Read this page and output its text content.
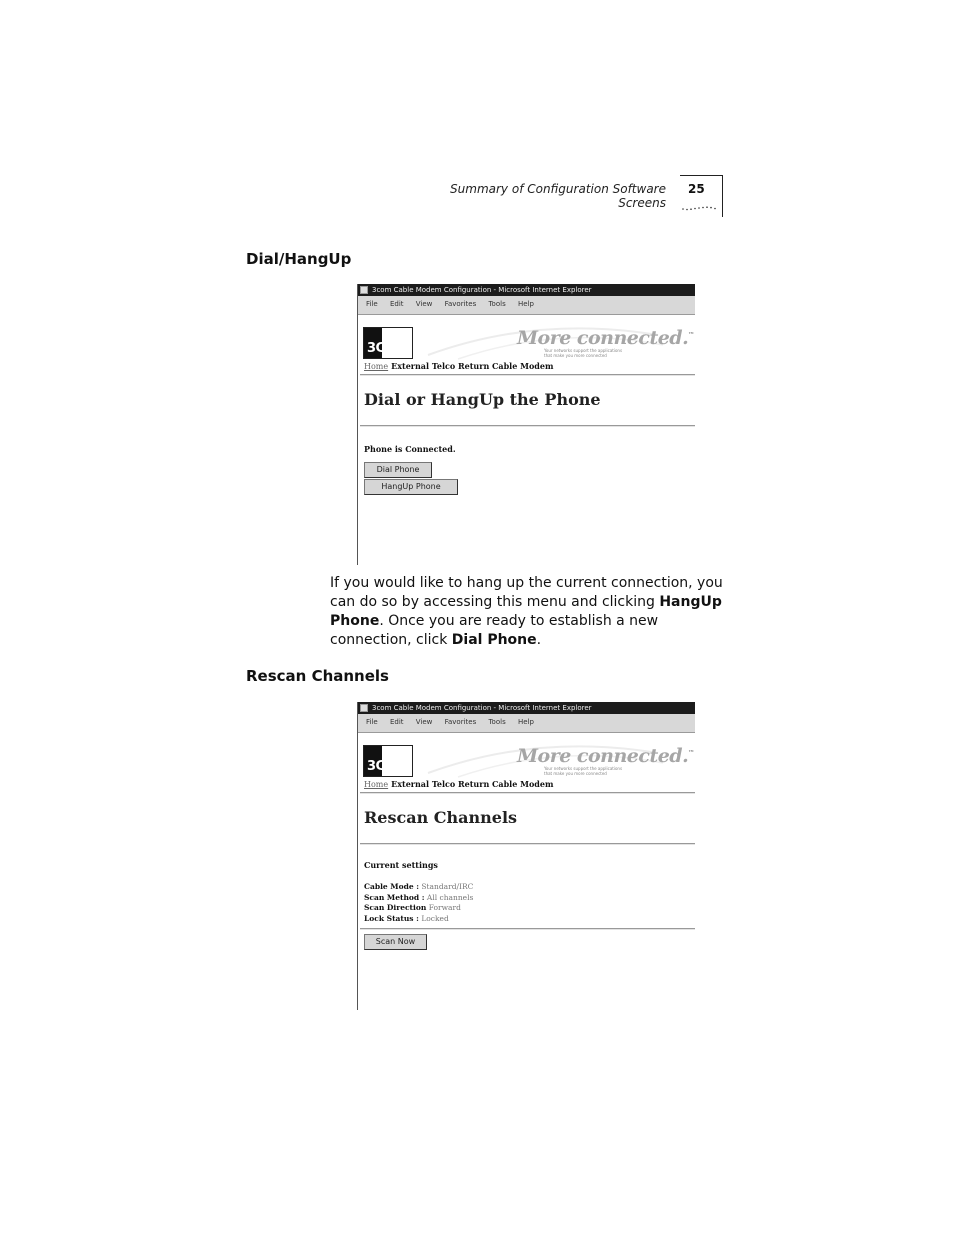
Summary of Configuration Software Screens
25
Dial/HangUp
3com Cable Modem Configuration - Microsoft Internet Explorer
File Edit View Favorites Tools Help
3Com	More connected.™
Your networks support the applications
that make you more connected
Home External Telco Return Cable Modem
Dial or HangUp the Phone
Phone is Connected.
Dial Phone
HangUp Phone

If you would like to hang up the current connection, you can do so by accessing this menu and clicking HangUp Phone. Once you are ready to establish a new connection, click Dial Phone.

Rescan Channels
3com Cable Modem Configuration - Microsoft Internet Explorer
File Edit View Favorites Tools Help
3Com	More connected.™
Your networks support the applications
that make you more connected
Home External Telco Return Cable Modem
Rescan Channels
Current settings
Cable Mode : Standard/IRC
Scan Method : All channels
Scan Direction Forward
Lock Status : Locked
Scan Now
